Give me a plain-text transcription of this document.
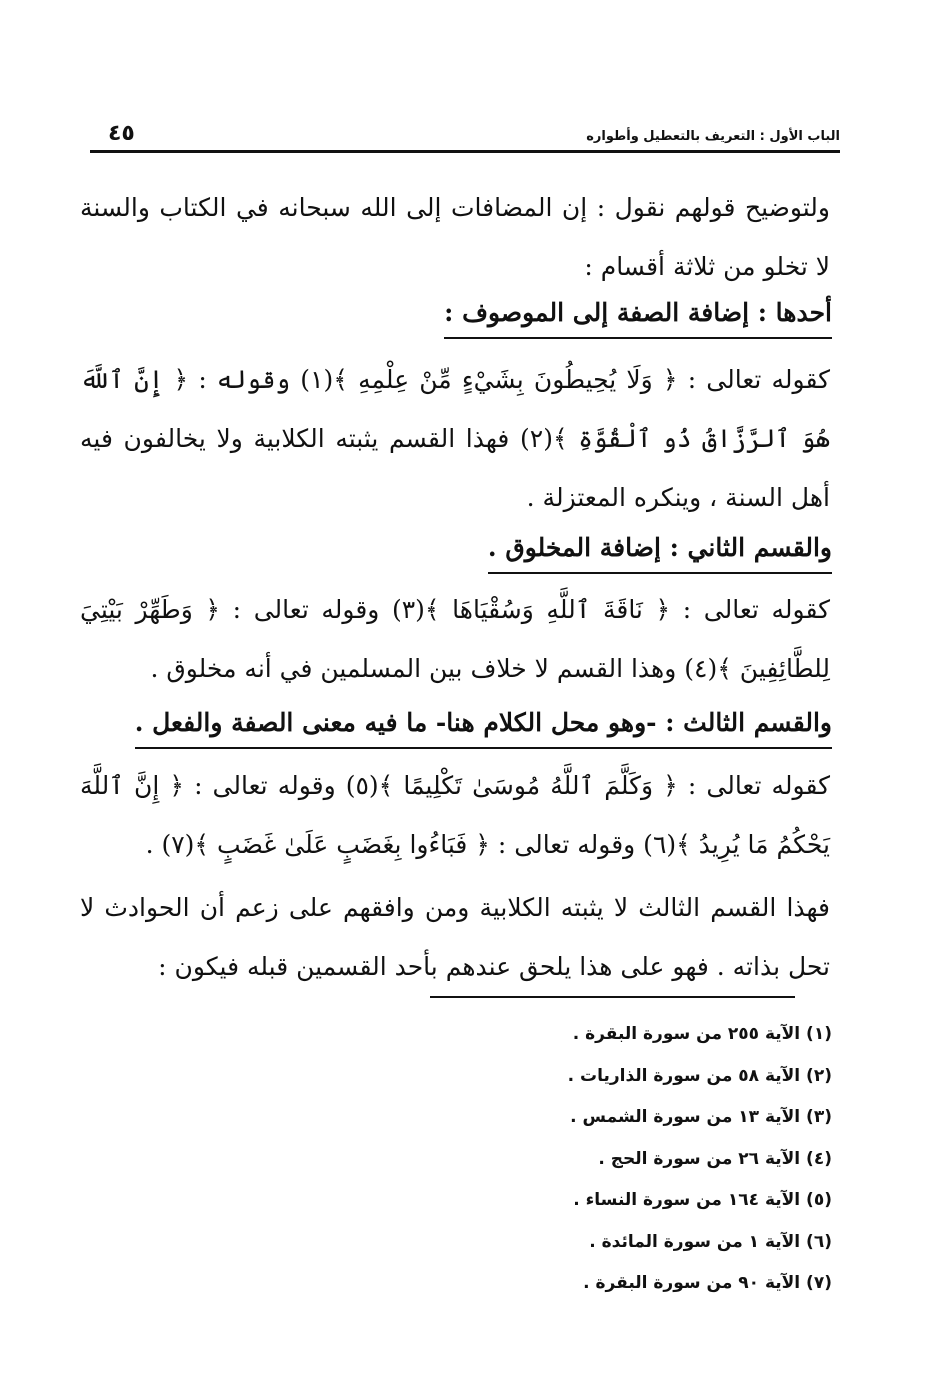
الباب الأول : التعريف بالتعطيل وأطواره
٤٥

ولتوضيح قولهم نقول : إن المضافات إلى الله سبحانه في الكتاب والسنة لا تخلو من ثلاثة أقسام :

أحدها : إضافة الصفة إلى الموصوف :

كقوله تعالى : ﴿ وَلَا يُحِيطُونَ بِشَيْءٍ مِّنْ عِلْمِهِ ﴾(١) وقوله : ﴿ إِنَّ ٱللَّهَ هُوَ ٱلرَّزَّاقُ ذُو ٱلْقُوَّةِ ﴾(٢) فهذا القسم يثبته الكلابية ولا يخالفون فيه أهل السنة ، وينكره المعتزلة .

والقسم الثاني : إضافة المخلوق .

كقوله تعالى : ﴿ نَاقَةَ ٱللَّهِ وَسُقْيَاهَا ﴾(٣) وقوله تعالى : ﴿ وَطَهِّرْ بَيْتِيَ لِلطَّائِفِينَ ﴾(٤) وهذا القسم لا خلاف بين المسلمين في أنه مخلوق .

والقسم الثالث : -وهو محل الكلام هنا- ما فيه معنى الصفة والفعل .

كقوله تعالى : ﴿ وَكَلَّمَ ٱللَّهُ مُوسَىٰ تَكْلِيمًا ﴾(٥) وقوله تعالى : ﴿ إِنَّ ٱللَّهَ يَحْكُمُ مَا يُرِيدُ ﴾(٦) وقوله تعالى : ﴿ فَبَاءُوا بِغَضَبٍ عَلَىٰ غَضَبٍ ﴾(٧) .

فهذا القسم الثالث لا يثبته الكلابية ومن وافقهم على زعم أن الحوادث لا تحل بذاته . فهو على هذا يلحق عندهم بأحد القسمين قبله فيكون :

(١) الآية ٢٥٥ من سورة البقرة .
(٢) الآية ٥٨ من سورة الذاريات .
(٣) الآية ١٣ من سورة الشمس .
(٤) الآية ٢٦ من سورة الحج .
(٥) الآية ١٦٤ من سورة النساء .
(٦) الآية ١ من سورة المائدة .
(٧) الآية ٩٠ من سورة البقرة .
